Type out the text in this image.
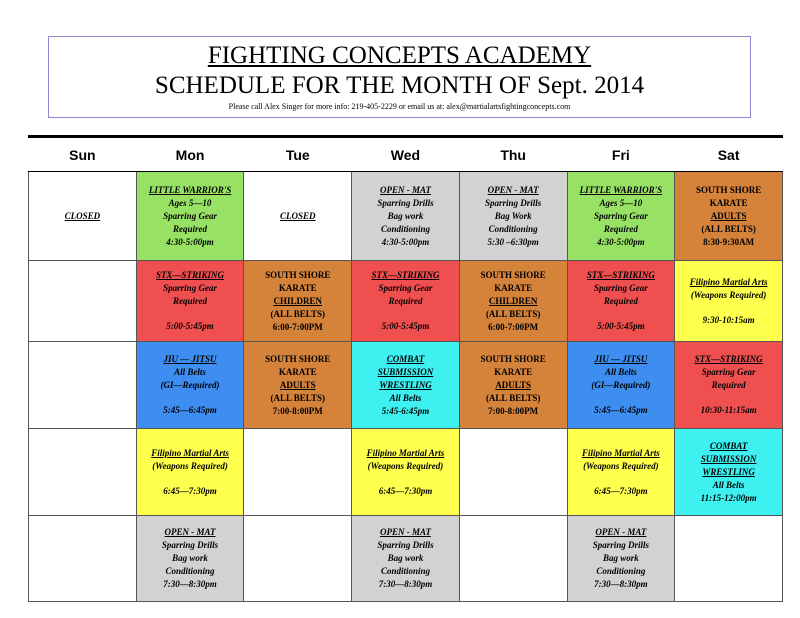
FIGHTING CONCEPTS ACADEMY
SCHEDULE FOR THE MONTH OF Sept. 2014
Please call Alex Singer for more info: 219-405-2229 or email us at: alex@martialartsfightingconcepts.com
Sun	Mon	Tue	Wed	Thu	Fri	Sat

CLOSED	LITTLE WARRIOR'S
Ages 5—10
Sparring Gear
Required
4:30-5:00pm	CLOSED	OPEN - MAT
Sparring Drills
Bag work
Conditioning
4:30-5:00pm	OPEN - MAT
Sparring Drills
Bag Work
Conditioning
5:30 –6:30pm	LITTLE WARRIOR'S
Ages 5—10
Sparring Gear
Required
4:30-5:00pm	SOUTH SHORE
KARATE
ADULTS
(ALL BELTS)
8:30-9:30AM

	STX—STRIKING
Sparring Gear
Required
5:00-5:45pm	SOUTH SHORE
KARATE
CHILDREN
(ALL BELTS)
6:00-7:00PM	STX—STRIKING
Sparring Gear
Required
5:00-5:45pm	SOUTH SHORE
KARATE
CHILDREN
(ALL BELTS)
6:00-7:00PM	STX—STRIKING
Sparring Gear
Required
5:00-5:45pm	Filipino Martial Arts
(Weapons Required)
9:30-10:15am

	JIU — JITSU
All Belts
(GI—Required)
5:45—6:45pm	SOUTH SHORE
KARATE
ADULTS
(ALL BELTS)
7:00-8:00PM	COMBAT
SUBMISSION
WRESTLING
All Belts
5:45-6:45pm	SOUTH SHORE
KARATE
ADULTS
(ALL BELTS)
7:00-8:00PM	JIU — JITSU
All Belts
(GI—Required)
5:45—6:45pm	STX—STRIKING
Sparring Gear
Required
10:30-11:15am

	Filipino Martial Arts
(Weapons Required)
6:45—7:30pm		Filipino Martial Arts
(Weapons Required)
6:45—7:30pm		Filipino Martial Arts
(Weapons Required)
6:45—7:30pm	COMBAT
SUBMISSION
WRESTLING
All Belts
11:15-12:00pm

	OPEN - MAT
Sparring Drills
Bag work
Conditioning
7:30—8:30pm		OPEN - MAT
Sparring Drills
Bag work
Conditioning
7:30—8:30pm		OPEN - MAT
Sparring Drills
Bag work
Conditioning
7:30—8:30pm	
